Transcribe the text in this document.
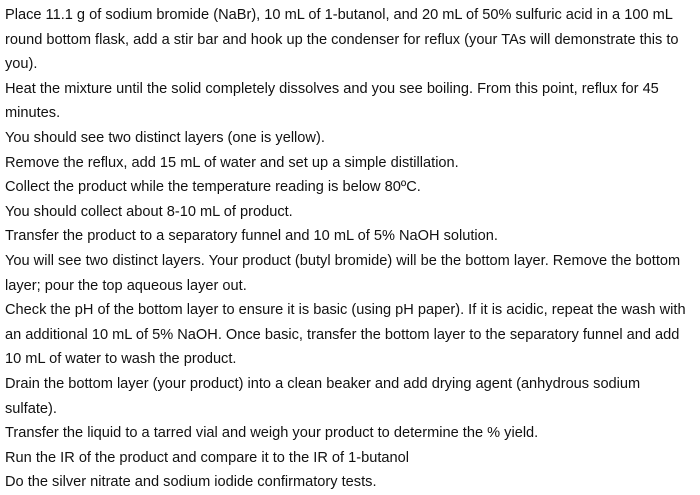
Place 11.1 g of sodium bromide (NaBr), 10 mL of 1-butanol, and 20 mL of 50% sulfuric acid in a 100 mL round bottom flask, add a stir bar and hook up the condenser for reflux (your TAs will demonstrate this to you).

Heat the mixture until the solid completely dissolves and you see boiling. From this point, reflux for 45 minutes.

You should see two distinct layers (one is yellow).

Remove the reflux, add 15 mL of water and set up a simple distillation.

Collect the product while the temperature reading is below 80ºC.

You should collect about 8-10 mL of product.

Transfer the product to a separatory funnel and 10 mL of 5% NaOH solution.

You will see two distinct layers. Your product (butyl bromide) will be the bottom layer. Remove the bottom layer; pour the top aqueous layer out.

Check the pH of the bottom layer to ensure it is basic (using pH paper). If it is acidic, repeat the wash with an additional 10 mL of 5% NaOH. Once basic, transfer the bottom layer to the separatory funnel and add 10 mL of water to wash the product.

Drain the bottom layer (your product) into a clean beaker and add drying agent (anhydrous sodium sulfate).

Transfer the liquid to a tarred vial and weigh your product to determine the % yield.

Run the IR of the product and compare it to the IR of 1-butanol

Do the silver nitrate and sodium iodide confirmatory tests.
